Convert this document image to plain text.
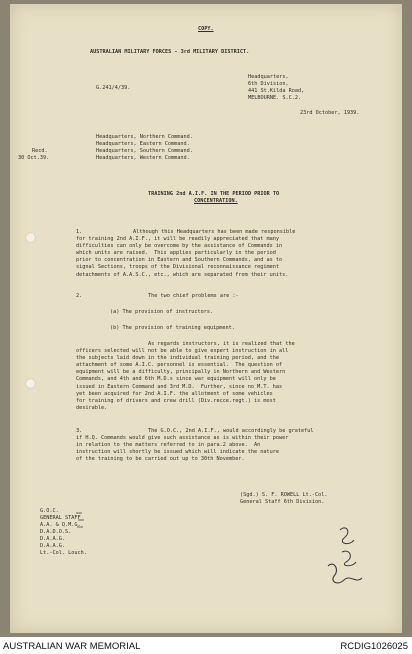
COPY.
AUSTRALIAN MILITARY FORCES - 3rd MILITARY DISTRICT.
G.241/4/39.
Headquarters,
6th Division,
441 St.Kilda Road,
MELBOURNE. S.C.2.
23rd October, 1939.
Recd.
30 Oct.39.
Headquarters, Northern Command.
Headquarters, Eastern Command.
Headquarters, Southern Command.
Headquarters, Western Command.
TRAINING 2nd A.I.F. IN THE PERIOD PRIOR TO
CONCENTRATION.
1.	Although this Headquarters has been made responsible
for training 2nd A.I.F., it will be readily appreciated that many
difficulties can only be overcome by the assistance of Commands in
which units are raised.  This applies particularly in the period
prior to concentration in Eastern and Southern Commands, and as to
signal Sections, troops of the Divisional reconnaissance regiment
detachments of A.A.S.C., etc., which are separated from their units.
2.	The two chief problems are :-
(a) The provision of instructors.
(b) The provision of training equipment.
As regards instructors, it is realized that the
officers selected will not be able to give expert instruction in all
the subjects laid down in the individual training period, and the
attachment of some A.I.C. personnel is essential.  The question of
equipment will be a difficulty, principally in Northern and Western
Commands, and 4th and 6th M.D.s since war equipment will only be
issued in Eastern Command and 3rd M.D.  Further, since no M.T. has
yet been acquired for 2nd A.I.F. the allotment of some vehicles
for training of drivers and crew drill (Div.recce.regt.) is most
desirable.
3.	The G.O.C., 2nd A.I.F., would accordingly be grateful
if H.Q. Commands would give such assistance as is within their power
in relation to the matters referred to in para.2 above.  An
instruction will shortly be issued which will indicate the nature
of the training to be carried out up to 30th November.
(Sgd.) S. F. ROWELL Lt.-Col.
General Staff 6th Division.
G.O.C.
GENERAL STAFF
A.A. & Q.M.G.
D.A.D.O.S.
D.A.A.G.
D.A.A.G.
Lt.-Col. Louch.
AUSTRALIAN WAR MEMORIAL	RCDIG1026025
